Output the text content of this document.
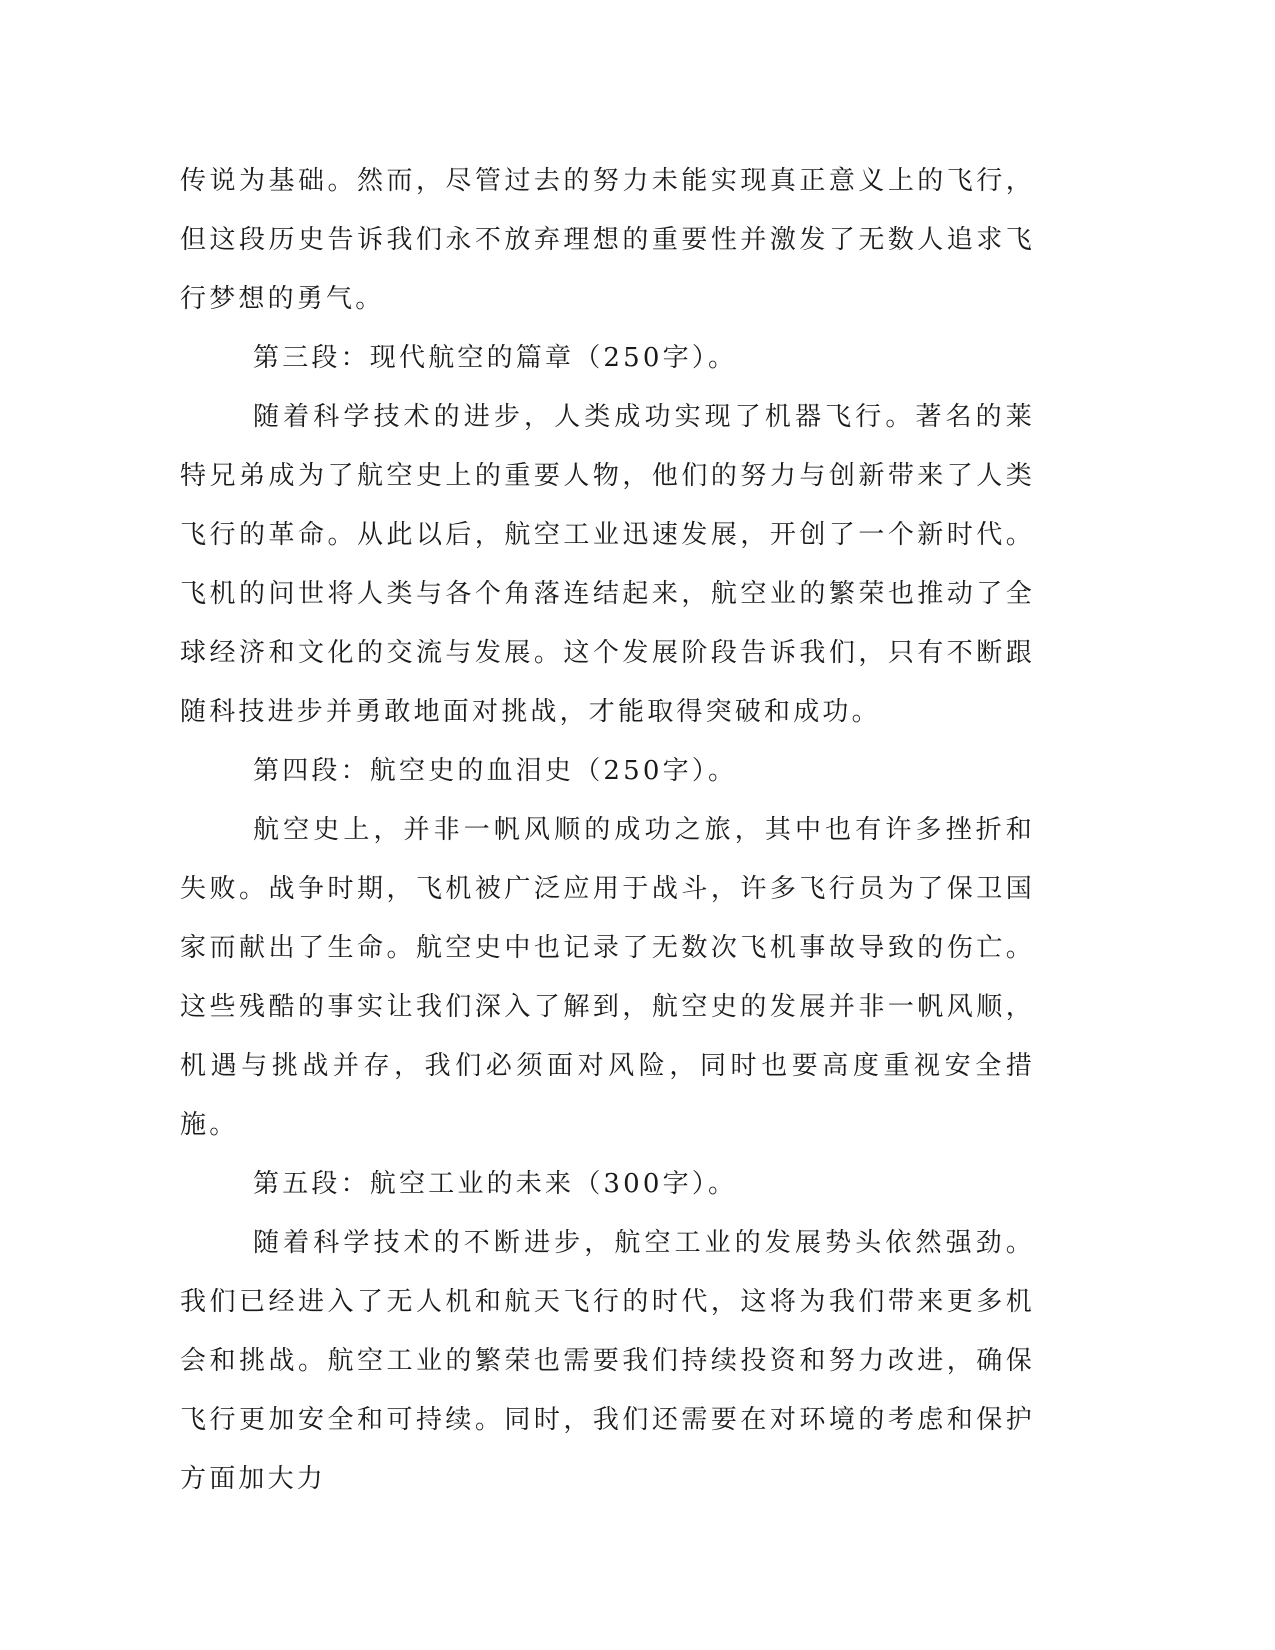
传说为基础。然而，尽管过去的努力未能实现真正意义上的飞行，但这段历史告诉我们永不放弃理想的重要性并激发了无数人追求飞行梦想的勇气。

第三段：现代航空的篇章（250字）。

随着科学技术的进步，人类成功实现了机器飞行。著名的莱特兄弟成为了航空史上的重要人物，他们的努力与创新带来了人类飞行的革命。从此以后，航空工业迅速发展，开创了一个新时代。飞机的问世将人类与各个角落连结起来，航空业的繁荣也推动了全球经济和文化的交流与发展。这个发展阶段告诉我们，只有不断跟随科技进步并勇敢地面对挑战，才能取得突破和成功。

第四段：航空史的血泪史（250字）。

航空史上，并非一帆风顺的成功之旅，其中也有许多挫折和失败。战争时期，飞机被广泛应用于战斗，许多飞行员为了保卫国家而献出了生命。航空史中也记录了无数次飞机事故导致的伤亡。这些残酷的事实让我们深入了解到，航空史的发展并非一帆风顺，机遇与挑战并存，我们必须面对风险，同时也要高度重视安全措施。

第五段：航空工业的未来（300字）。

随着科学技术的不断进步，航空工业的发展势头依然强劲。我们已经进入了无人机和航天飞行的时代，这将为我们带来更多机会和挑战。航空工业的繁荣也需要我们持续投资和努力改进，确保飞行更加安全和可持续。同时，我们还需要在对环境的考虑和保护方面加大力
